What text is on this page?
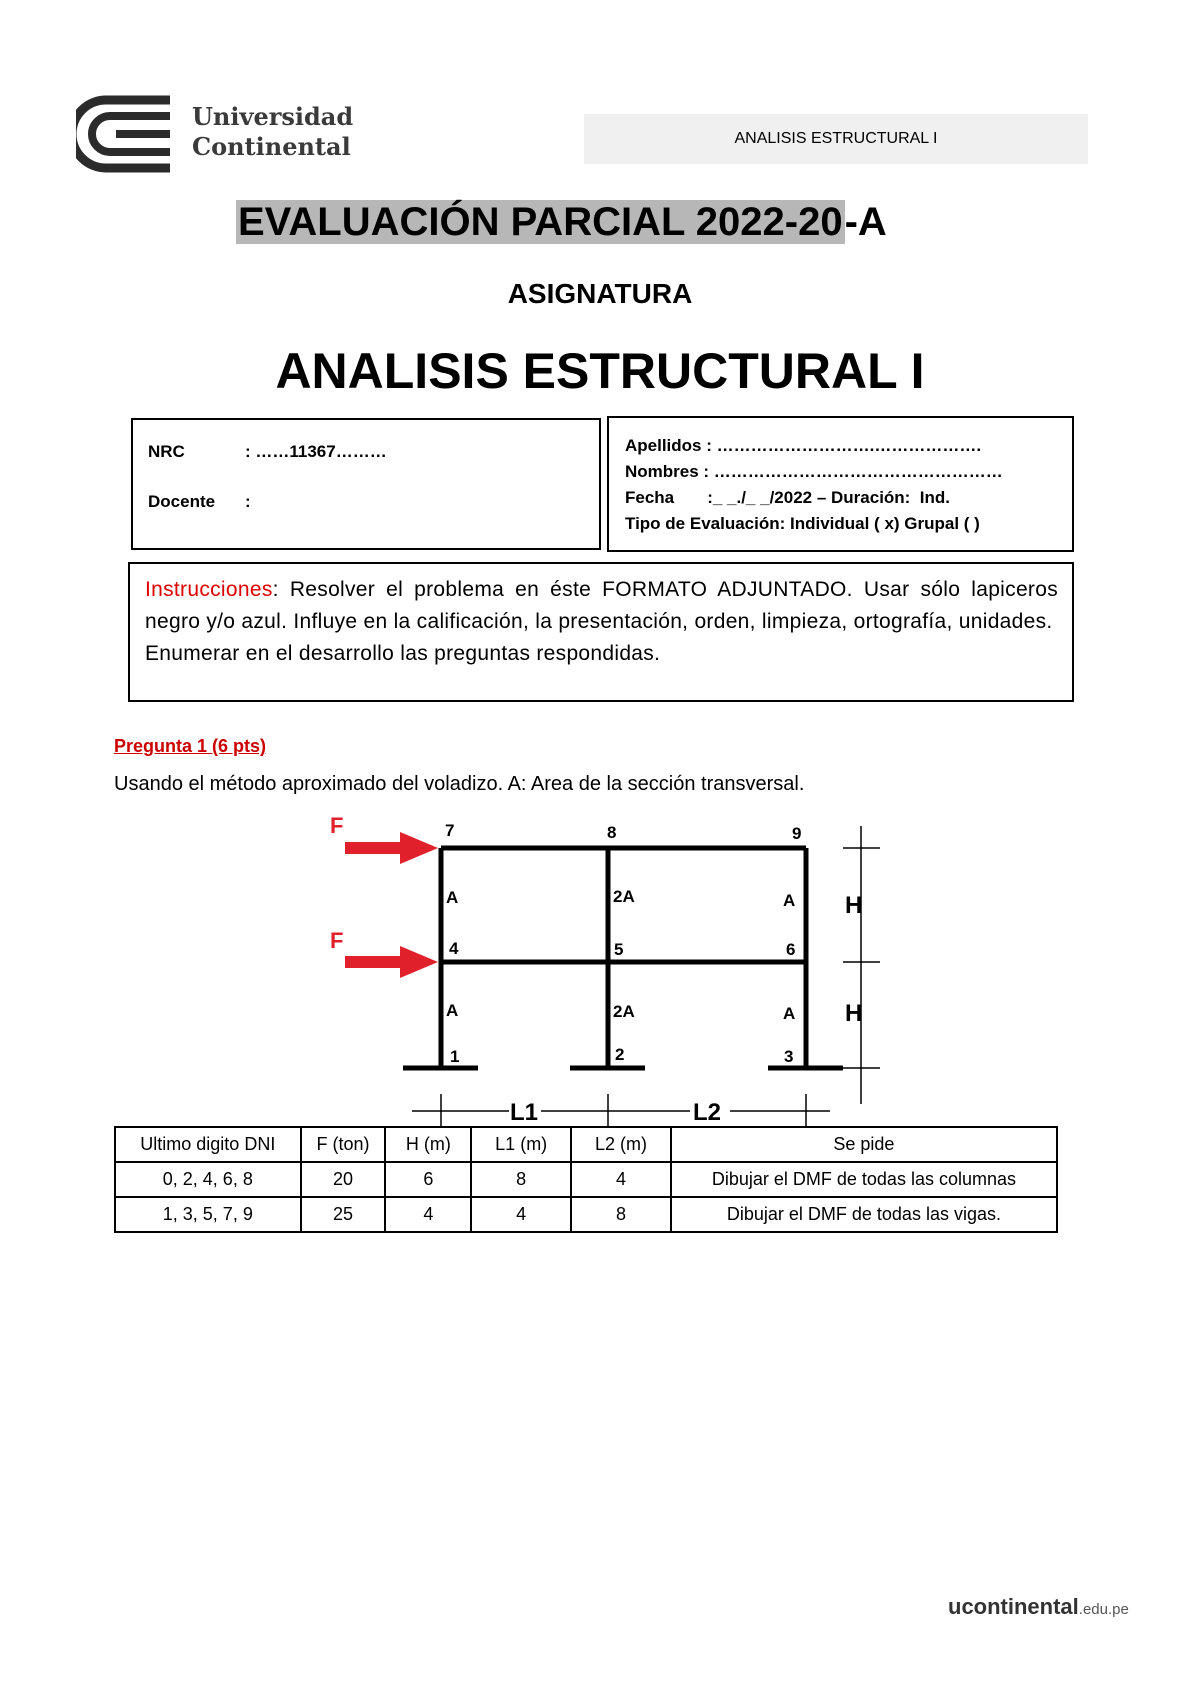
Universidad
Continental	ANALISIS ESTRUCTURAL I
EVALUACIÓN PARCIAL 2022-20-A
ASIGNATURA
ANALISIS ESTRUCTURAL I
NRC	: ……11367………
Docente :
Apellidos : ……………………….……………….
Nombres : ……………………………………………
Fecha       :_ _./_ _/2022 – Duración:  Ind.
Tipo de Evaluación: Individual ( x) Grupal ( )
Instrucciones: Resolver el problema en éste FORMATO ADJUNTADO. Usar sólo lapiceros negro y/o azul. Influye en la calificación, la presentación, orden, limpieza, ortografía, unidades.
Enumerar en el desarrollo las preguntas respondidas.
Pregunta 1 (6 pts)
Usando el método aproximado del voladizo. A: Area de la sección transversal.
F
F
7	8	9
4	5	6
1	2	3
A	2A	A
A	2A	A
H
H
L1	L2
Ultimo digito DNI	F (ton)	H (m)	L1 (m)	L2 (m)	Se pide
0, 2, 4, 6, 8	20	6	8	4	Dibujar el DMF de todas las columnas
1, 3, 5, 7, 9	25	4	4	8	Dibujar el DMF de todas las vigas.
ucontinental.edu.pe
